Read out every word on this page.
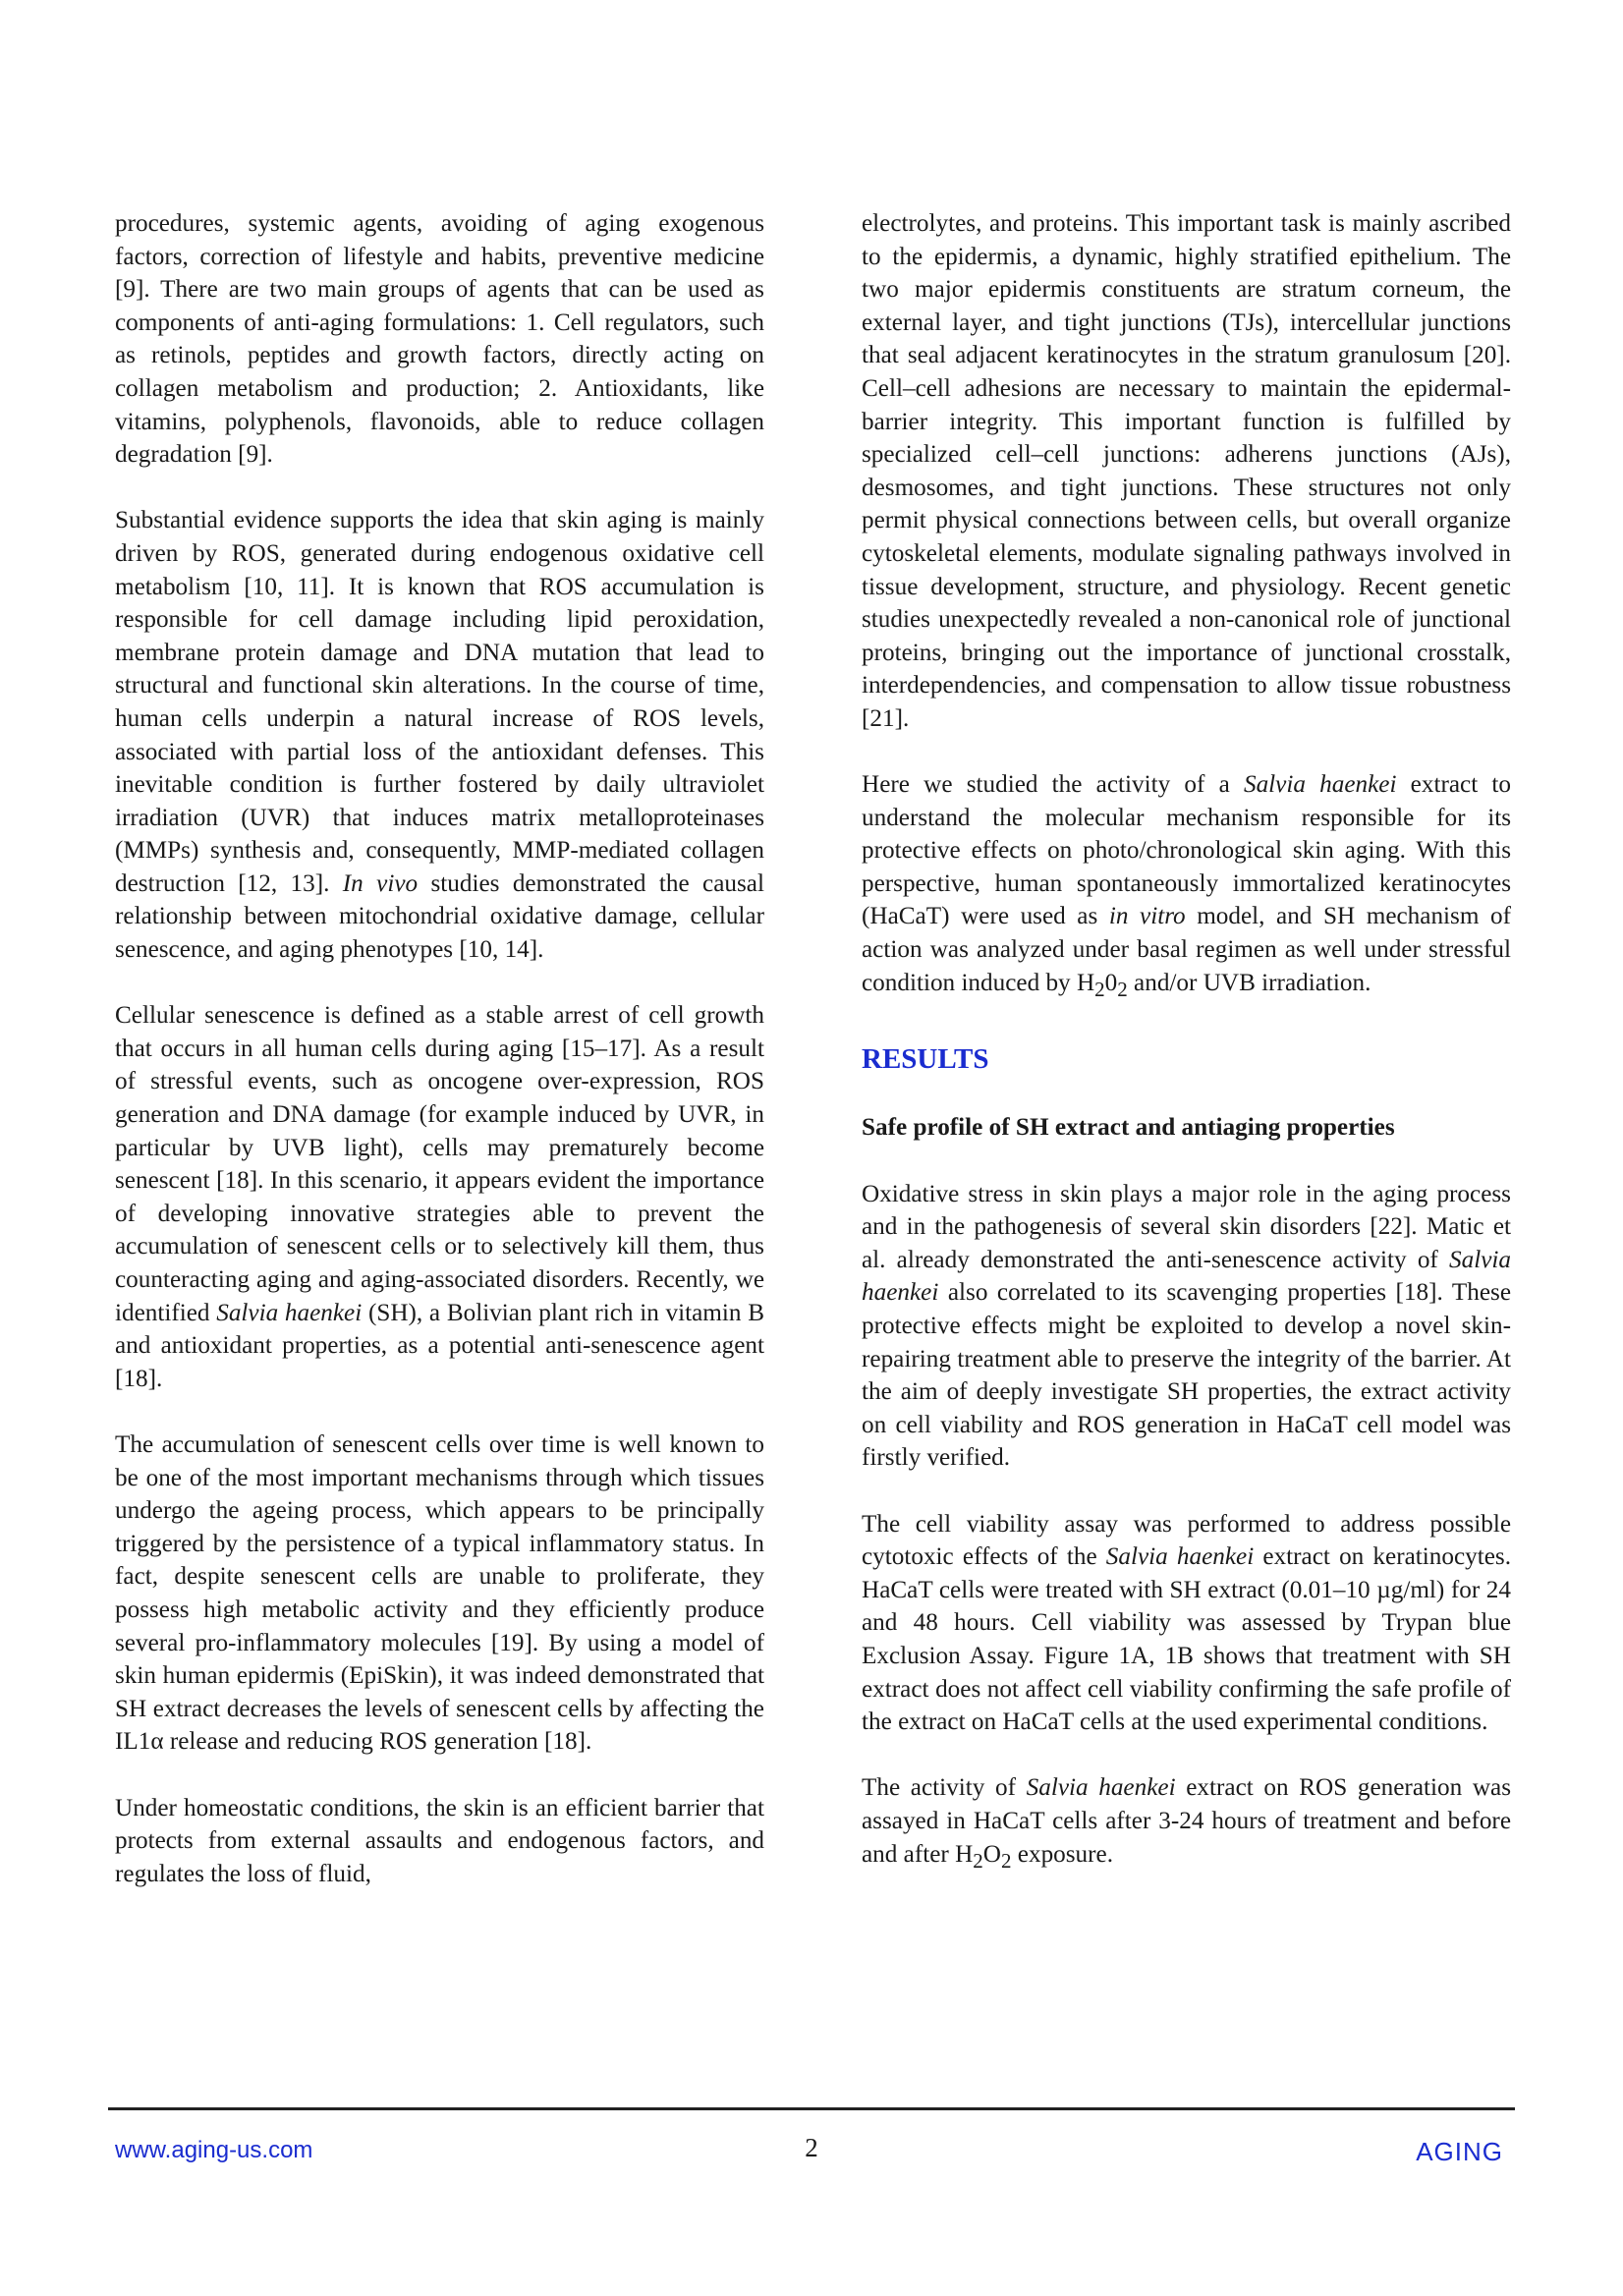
procedures, systemic agents, avoiding of aging exogenous factors, correction of lifestyle and habits, preventive medicine [9]. There are two main groups of agents that can be used as components of anti-aging formulations: 1. Cell regulators, such as retinols, peptides and growth factors, directly acting on collagen metabolism and production; 2. Antioxidants, like vitamins, polyphenols, flavonoids, able to reduce collagen degradation [9].

Substantial evidence supports the idea that skin aging is mainly driven by ROS, generated during endogenous oxidative cell metabolism [10, 11]. It is known that ROS accumulation is responsible for cell damage including lipid peroxidation, membrane protein damage and DNA mutation that lead to structural and functional skin alterations. In the course of time, human cells underpin a natural increase of ROS levels, associated with partial loss of the antioxidant defenses. This inevitable condition is further fostered by daily ultraviolet irradiation (UVR) that induces matrix metalloproteinases (MMPs) synthesis and, consequently, MMP-mediated collagen destruction [12, 13]. In vivo studies demonstrated the causal relationship between mitochondrial oxidative damage, cellular senescence, and aging phenotypes [10, 14].

Cellular senescence is defined as a stable arrest of cell growth that occurs in all human cells during aging [15–17]. As a result of stressful events, such as oncogene over-expression, ROS generation and DNA damage (for example induced by UVR, in particular by UVB light), cells may prematurely become senescent [18]. In this scenario, it appears evident the importance of developing innovative strategies able to prevent the accumulation of senescent cells or to selectively kill them, thus counteracting aging and aging-associated disorders. Recently, we identified Salvia haenkei (SH), a Bolivian plant rich in vitamin B and antioxidant properties, as a potential anti-senescence agent [18].

The accumulation of senescent cells over time is well known to be one of the most important mechanisms through which tissues undergo the ageing process, which appears to be principally triggered by the persistence of a typical inflammatory status. In fact, despite senescent cells are unable to proliferate, they possess high metabolic activity and they efficiently produce several pro-inflammatory molecules [19]. By using a model of skin human epidermis (EpiSkin), it was indeed demonstrated that SH extract decreases the levels of senescent cells by affecting the IL1α release and reducing ROS generation [18].

Under homeostatic conditions, the skin is an efficient barrier that protects from external assaults and endogenous factors, and regulates the loss of fluid,

electrolytes, and proteins. This important task is mainly ascribed to the epidermis, a dynamic, highly stratified epithelium. The two major epidermis constituents are stratum corneum, the external layer, and tight junctions (TJs), intercellular junctions that seal adjacent keratinocytes in the stratum granulosum [20]. Cell–cell adhesions are necessary to maintain the epidermal-barrier integrity. This important function is fulfilled by specialized cell–cell junctions: adherens junctions (AJs), desmosomes, and tight junctions. These structures not only permit physical connections between cells, but overall organize cytoskeletal elements, modulate signaling pathways involved in tissue development, structure, and physiology. Recent genetic studies unexpectedly revealed a non-canonical role of junctional proteins, bringing out the importance of junctional crosstalk, interdependencies, and compensation to allow tissue robustness [21].

Here we studied the activity of a Salvia haenkei extract to understand the molecular mechanism responsible for its protective effects on photo/chronological skin aging. With this perspective, human spontaneously immortalized keratinocytes (HaCaT) were used as in vitro model, and SH mechanism of action was analyzed under basal regimen as well under stressful condition induced by $H_20_2$ and/or UVB irradiation.

RESULTS
Safe profile of SH extract and antiaging properties

Oxidative stress in skin plays a major role in the aging process and in the pathogenesis of several skin disorders [22]. Matic et al. already demonstrated the anti-senescence activity of Salvia haenkei also correlated to its scavenging properties [18]. These protective effects might be exploited to develop a novel skin-repairing treatment able to preserve the integrity of the barrier. At the aim of deeply investigate SH properties, the extract activity on cell viability and ROS generation in HaCaT cell model was firstly verified.

The cell viability assay was performed to address possible cytotoxic effects of the Salvia haenkei extract on keratinocytes. HaCaT cells were treated with SH extract (0.01–10 µg/ml) for 24 and 48 hours. Cell viability was assessed by Trypan blue Exclusion Assay. Figure 1A, 1B shows that treatment with SH extract does not affect cell viability confirming the safe profile of the extract on HaCaT cells at the used experimental conditions.

The activity of Salvia haenkei extract on ROS generation was assayed in HaCaT cells after 3-24 hours of treatment and before and after $H_2O_2$ exposure.

www.aging-us.com	2	AGING
